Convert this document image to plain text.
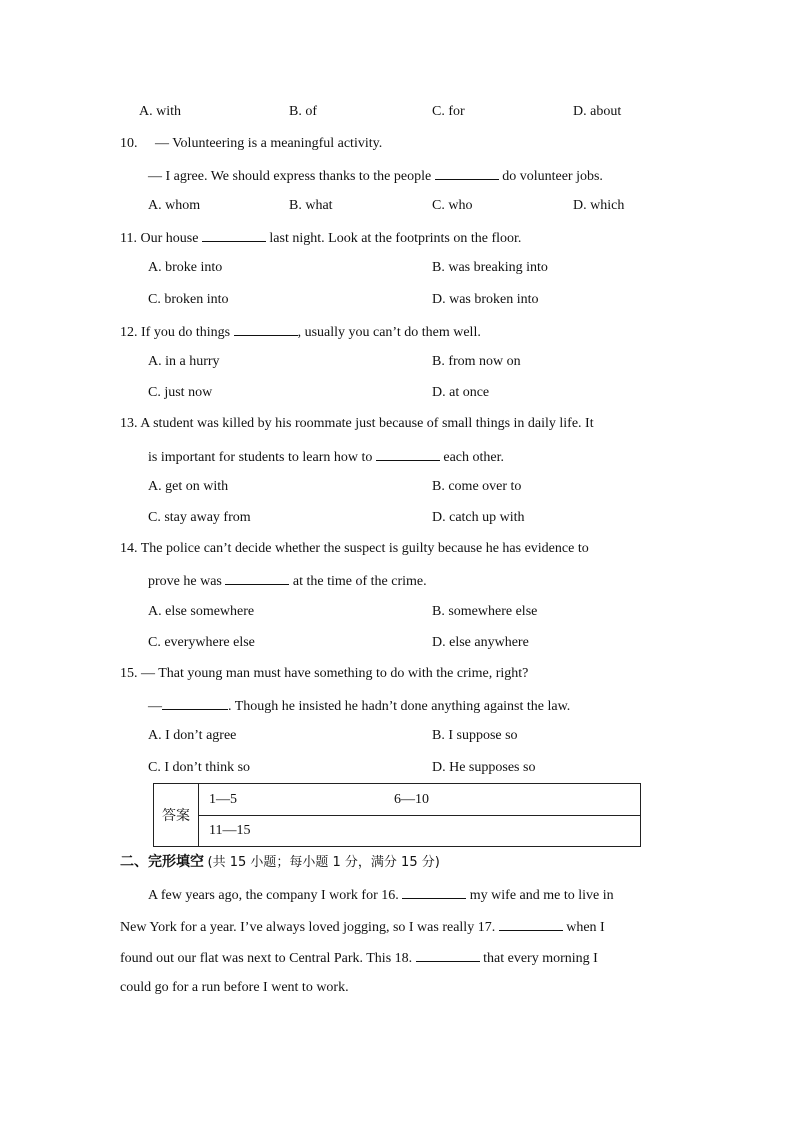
A. with	B. of	C. for	D. about
10. — Volunteering is a meaningful activity.
— I agree. We should express thanks to the people	do volunteer jobs.
A. whom	B. what	C. who	D. which
11. Our house	last night. Look at the footprints on the floor.
A. broke into	B. was breaking into
C. broken into	D. was broken into
12. If you do things	, usually you can’t do them well.
A. in a hurry	B. from now on
C. just now	D. at once
13. A student was killed by his roommate just because of small things in daily life. It
is important for students to learn how to	each other.
A. get on with	B. come over to
C. stay away from	D. catch up with
14. The police can’t decide whether the suspect is guilty because he has evidence to
prove he was	at the time of the crime.
A. else somewhere	B. somewhere else
C. everywhere else	D. else anywhere
15. — That young man must have something to do with the crime, right?
—	. Though he insisted he hadn’t done anything against the law.
A. I don’t agree	B. I suppose so
C. I don’t think so	D. He supposes so
答案	1—5	6—10
11—15
二、完形填空 (共 15 小题；每小题 1 分，满分 15 分)
A few years ago, the company I work for 16.	my wife and me to live in
New York for a year. I’ve always loved jogging, so I was really 17.	when I
found out our flat was next to Central Park. This 18.	that every morning I
could go for a run before I went to work.
